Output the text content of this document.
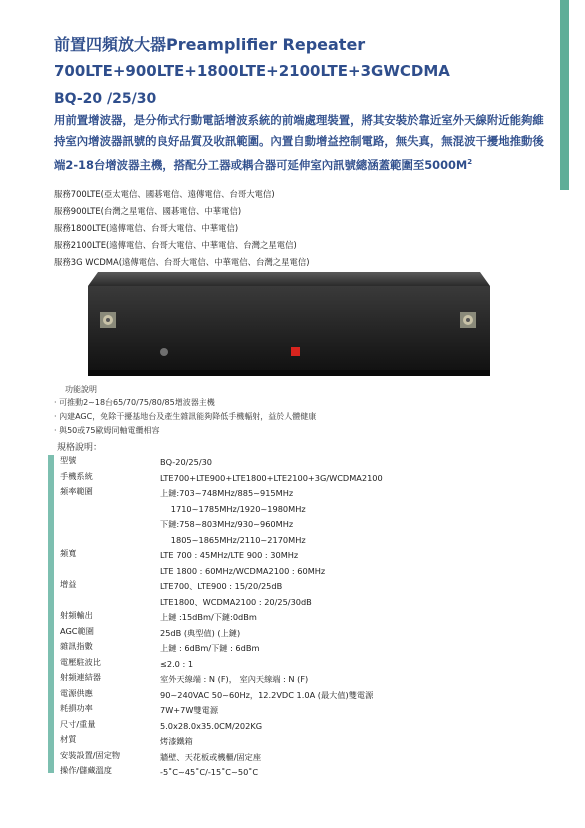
前置四頻放大器Preamplifier Repeater
700LTE+900LTE+1800LTE+2100LTE+3GWCDMA
BQ-20 /25/30
用前置增波器，是分佈式行動電話增波系統的前端處理裝置，將其安裝於靠近室外天線附近能夠維持室內增波器訊號的良好品質及收訊範圍。內置自動增益控制電路，無失真，無混波干擾地推動後端2-18台增波器主機，搭配分工器或耦合器可延伸室內訊號總涵蓋範圍至$5000M^2$
服務700LTE(亞太電信、國碁電信、遠傳電信、台哥大電信)
服務900LTE(台灣之星電信、國碁電信、中華電信)
服務1800LTE(遠傳電信、台哥大電信、中華電信)
服務2100LTE(遠傳電信、台哥大電信、中華電信、台灣之星電信)
服務3G WCDMA(遠傳電信、台哥大電信、中華電信、台灣之星電信)
功能說明
· 可推動2~18台65/70/75/80/85增波器主機
· 內建AGC，免除干擾基地台及產生雜訊能夠降低手機輻射，益於人體健康
· 與50或75歐姆同軸電纜相容
規格說明：
型號	BQ-20/25/30
手機系統	LTE700+LTE900+LTE1800+LTE2100+3G/WCDMA2100
頻率範圍	上鏈:703~748MHz/885~915MHz
　 1710~1785MHz/1920~1980MHz
下鏈:758~803MHz/930~960MHz
　 1805~1865MHz/2110~2170MHz
頻寬	LTE 700 : 45MHz/LTE 900 : 30MHz
LTE 1800 : 60MHz/WCDMA2100 : 60MHz
增益	LTE700、LTE900 : 15/20/25dB
LTE1800、WCDMA2100 : 20/25/30dB
射頻輸出	上鏈 :15dBm/下鏈:0dBm
AGC範圍	25dB (典型值) (上鏈)
雜訊指數	上鏈 : 6dBm/下鏈 : 6dBm
電壓駐波比	≤2.0 : 1
射頻連結器	室外天線端 : N (F)， 室內天線端 : N (F)
電源供應	90~240VAC 50~60Hz，12.2VDC 1.0A (最大值)雙電源
耗損功率	7W+7W雙電源
尺寸/重量	5.0x28.0x35.0CM/202KG
材質	烤漆鐵箱
安裝設置/固定物	牆壁、天花板或機櫃/固定座
操作/儲藏溫度	-5˚C~45˚C/-15˚C~50˚C
